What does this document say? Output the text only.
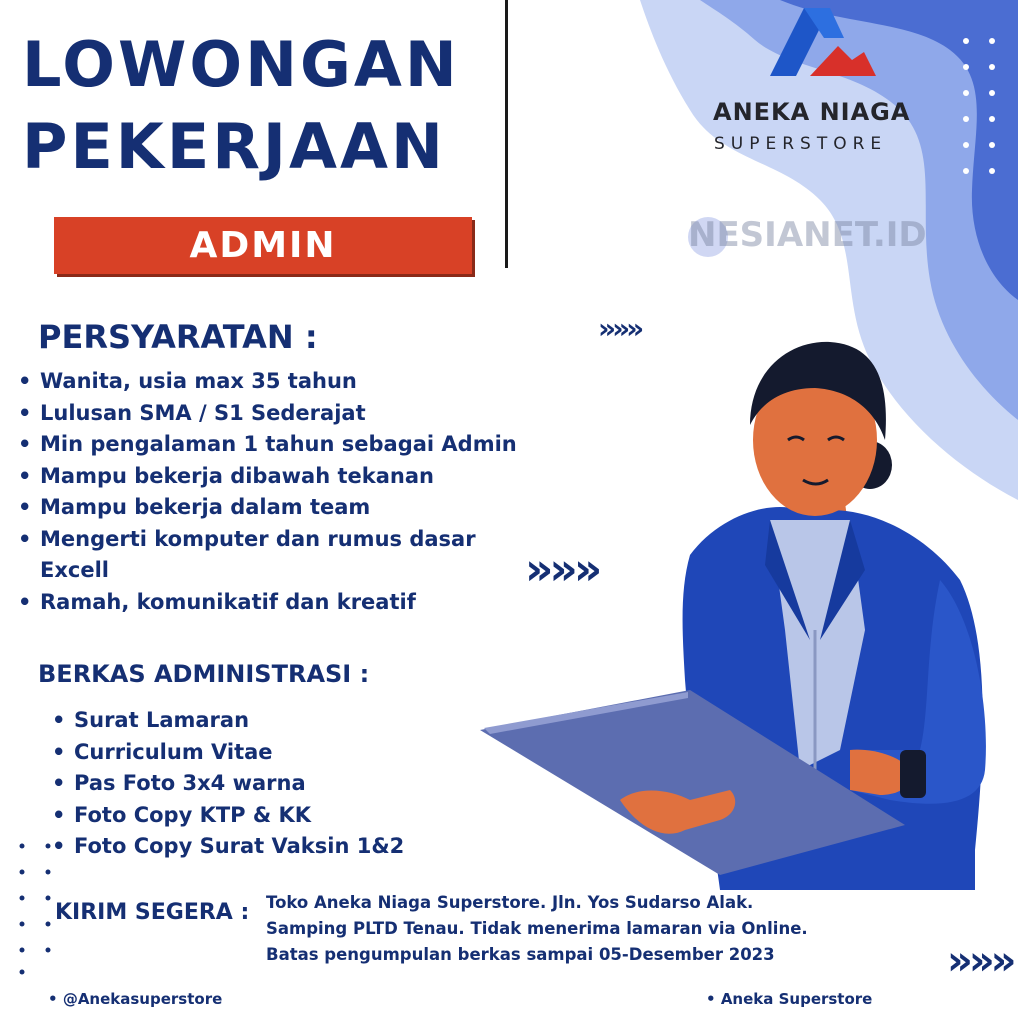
LOWONGAN
PEKERJAAN
ADMIN
ANEKA NIAGA
SUPERSTORE
NESIANET.ID
PERSYARATAN :
• Wanita, usia max 35 tahun
• Lulusan SMA / S1 Sederajat
• Min pengalaman 1 tahun sebagai Admin
• Mampu bekerja dibawah tekanan
• Mampu bekerja dalam team
• Mengerti komputer dan rumus dasar Excell
• Ramah, komunikatif dan kreatif
BERKAS ADMINISTRASI :
• Surat Lamaran
• Curriculum Vitae
• Pas Foto 3x4 warna
• Foto Copy KTP & KK
• Foto Copy Surat Vaksin 1&2
KIRIM SEGERA : Toko Aneka Niaga Superstore. Jln. Yos Sudarso Alak.
Samping PLTD Tenau. Tidak menerima lamaran via Online.
Batas pengumpulan berkas sampai 05-Desember 2023
• @Anekasuperstore	• Aneka Superstore
»»»
»»»
»»»
